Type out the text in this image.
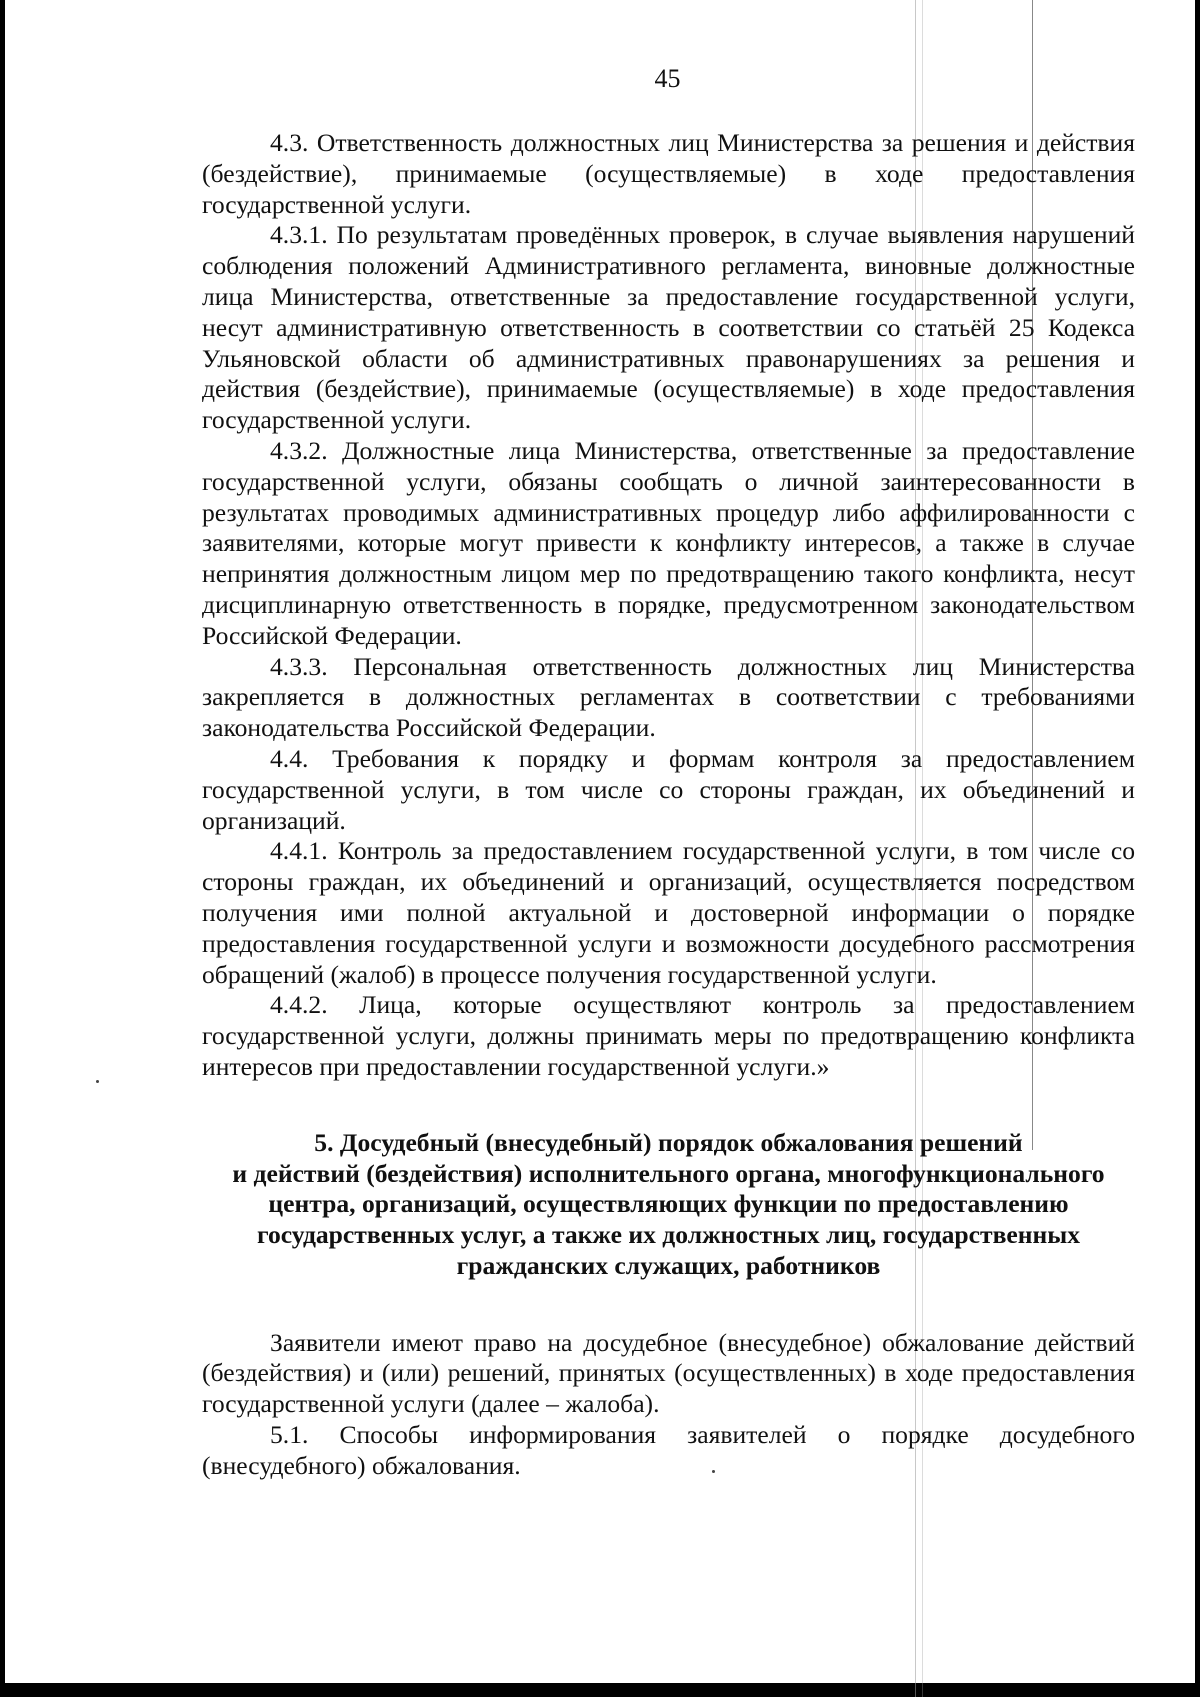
45

4.3. Ответственность должностных лиц Министерства за решения и действия (бездействие), принимаемые (осуществляемые) в ходе предоставления государственной услуги.

4.3.1. По результатам проведённых проверок, в случае выявления нарушений соблюдения положений Административного регламента, виновные должностные лица Министерства, ответственные за предоставление государственной услуги, несут административную ответственность в соответствии со статьёй 25 Кодекса Ульяновской области об административных правонарушениях за решения и действия (бездействие), принимаемые (осуществляемые) в ходе предоставления государственной услуги.

4.3.2. Должностные лица Министерства, ответственные за предоставление государственной услуги, обязаны сообщать о личной заинтересованности в результатах проводимых административных процедур либо аффилированности с заявителями, которые могут привести к конфликту интересов, а также в случае непринятия должностным лицом мер по предотвращению такого конфликта, несут дисциплинарную ответственность в порядке, предусмотренном законодательством Российской Федерации.

4.3.3. Персональная ответственность должностных лиц Министерства закрепляется в должностных регламентах в соответствии с требованиями законодательства Российской Федерации.

4.4. Требования к порядку и формам контроля за предоставлением государственной услуги, в том числе со стороны граждан, их объединений и организаций.

4.4.1. Контроль за предоставлением государственной услуги, в том числе со стороны граждан, их объединений и организаций, осуществляется посредством получения ими полной актуальной и достоверной информации о порядке предоставления государственной услуги и возможности досудебного рассмотрения обращений (жалоб) в процессе получения государственной услуги.

4.4.2. Лица, которые осуществляют контроль за предоставлением государственной услуги, должны принимать меры по предотвращению конфликта интересов при предоставлении государственной услуги.»

5. Досудебный (внесудебный) порядок обжалования решений
и действий (бездействия) исполнительного органа, многофункционального
центра, организаций, осуществляющих функции по предоставлению
государственных услуг, а также их должностных лиц, государственных
гражданских служащих, работников

Заявители имеют право на досудебное (внесудебное) обжалование действий (бездействия) и (или) решений, принятых (осуществленных) в ходе предоставления государственной услуги (далее – жалоба).

5.1. Способы информирования заявителей о порядке досудебного (внесудебного) обжалования.
